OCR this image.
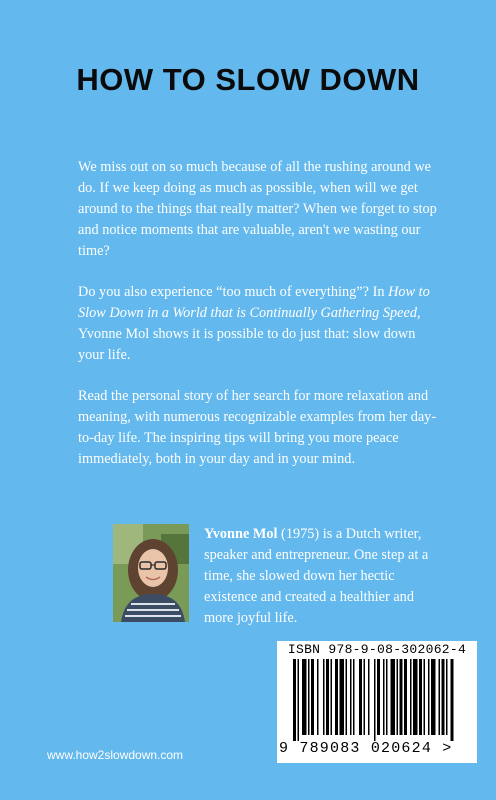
HOW TO SLOW DOWN

We miss out on so much because of all the rushing around we do. If we keep doing as much as possible, when will we get around to the things that really matter? When we forget to stop and notice moments that are valuable, aren't we wasting our time?

Do you also experience “too much of everything”? In How to Slow Down in a World that is Continually Gathering Speed, Yvonne Mol shows it is possible to do just that: slow down your life.

Read the personal story of her search for more relaxation and meaning, with numerous recognizable examples from her day-to-day life. The inspiring tips will bring you more peace immediately, both in your day and in your mind.

Yvonne Mol (1975) is a Dutch writer, speaker and entrepreneur. One step at a time, she slowed down her hectic existence and created a healthier and more joyful life.

ISBN 978-9-08-302062-4
9 789083 020624 >
www.how2slowdown.com
